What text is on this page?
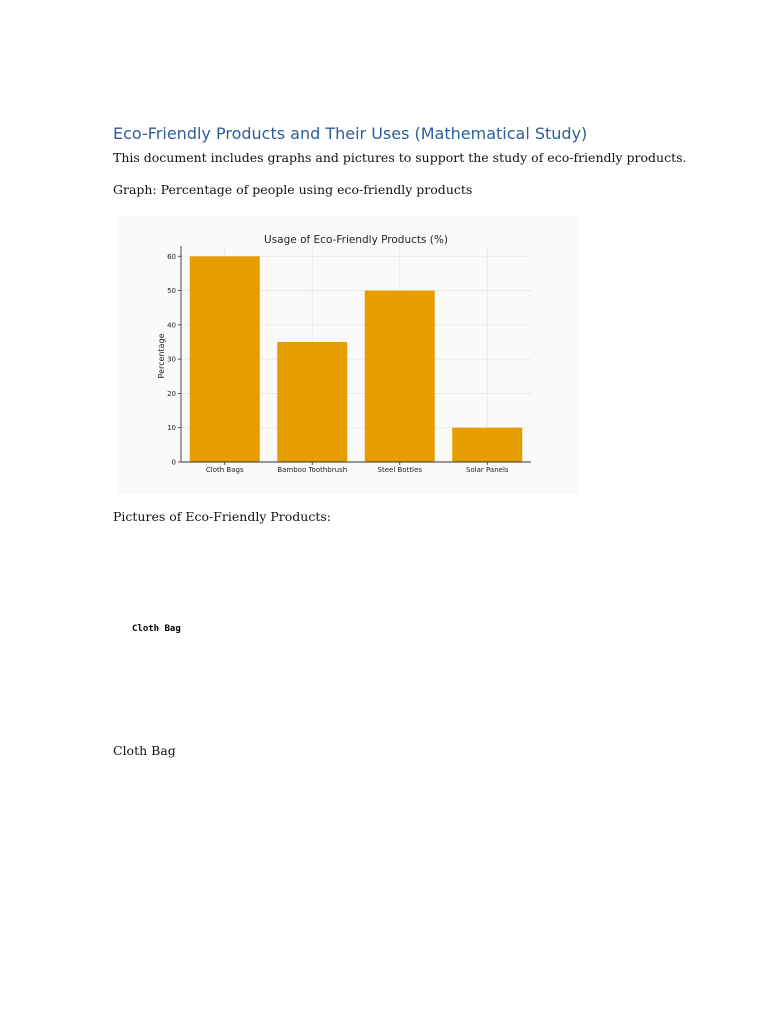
Eco-Friendly Products and Their Uses (Mathematical Study)

This document includes graphs and pictures to support the study of eco-friendly products.

Graph: Percentage of people using eco-friendly products

Usage of Eco-Friendly Products (%)
Percentage
0
10
20
30
40
50
60
Cloth Bags	Bamboo Toothbrush	Steel Bottles	Solar Panels

Pictures of Eco-Friendly Products:

Cloth Bag

Cloth Bag
